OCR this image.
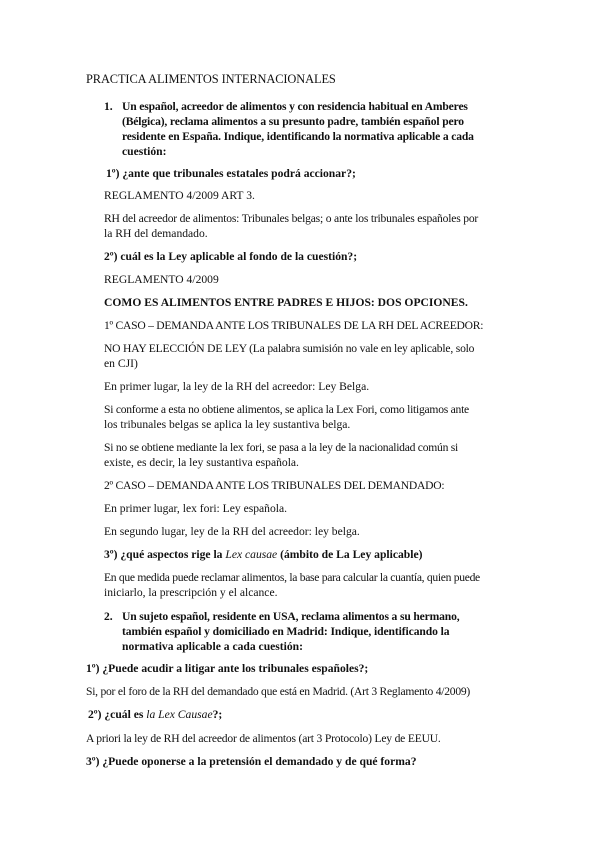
PRACTICA ALIMENTOS INTERNACIONALES
1. Un español, acreedor de alimentos y con residencia habitual en Amberes
(Bélgica), reclama alimentos a su presunto padre, también español pero
residente en España. Indique, identificando la normativa aplicable a cada
cuestión:
1º) ¿ante que tribunales estatales podrá accionar?;
REGLAMENTO 4/2009 ART 3.
RH del acreedor de alimentos: Tribunales belgas; o ante los tribunales españoles por
la RH del demandado.
2º) cuál es la Ley aplicable al fondo de la cuestión?;
REGLAMENTO 4/2009
COMO ES ALIMENTOS ENTRE PADRES E HIJOS: DOS OPCIONES.
1º CASO – DEMANDA ANTE LOS TRIBUNALES DE LA RH DEL ACREEDOR:
NO HAY ELECCIÓN DE LEY (La palabra sumisión no vale en ley aplicable, solo
en CJI)
En primer lugar, la ley de la RH del acreedor: Ley Belga.
Si conforme a esta no obtiene alimentos, se aplica la Lex Fori, como litigamos ante
los tribunales belgas se aplica la ley sustantiva belga.
Si no se obtiene mediante la lex fori, se pasa a la ley de la nacionalidad común si
existe, es decir, la ley sustantiva española.
2º CASO – DEMANDA ANTE LOS TRIBUNALES DEL DEMANDADO:
En primer lugar, lex fori: Ley española.
En segundo lugar, ley de la RH del acreedor: ley belga.
3º) ¿qué aspectos rige la Lex causae (ámbito de La Ley aplicable)
En que medida puede reclamar alimentos, la base para calcular la cuantía, quien puede
iniciarlo, la prescripción y el alcance.
2. Un sujeto español, residente en USA, reclama alimentos a su hermano,
también español y domiciliado en Madrid: Indique, identificando la
normativa aplicable a cada cuestión:
1º) ¿Puede acudir a litigar ante los tribunales españoles?;
Si, por el foro de la RH del demandado que está en Madrid. (Art 3 Reglamento 4/2009)
2º) ¿cuál es la Lex Causae?;
A priori la ley de RH del acreedor de alimentos (art 3 Protocolo) Ley de EEUU.
3º) ¿Puede oponerse a la pretensión el demandado y de qué forma?
